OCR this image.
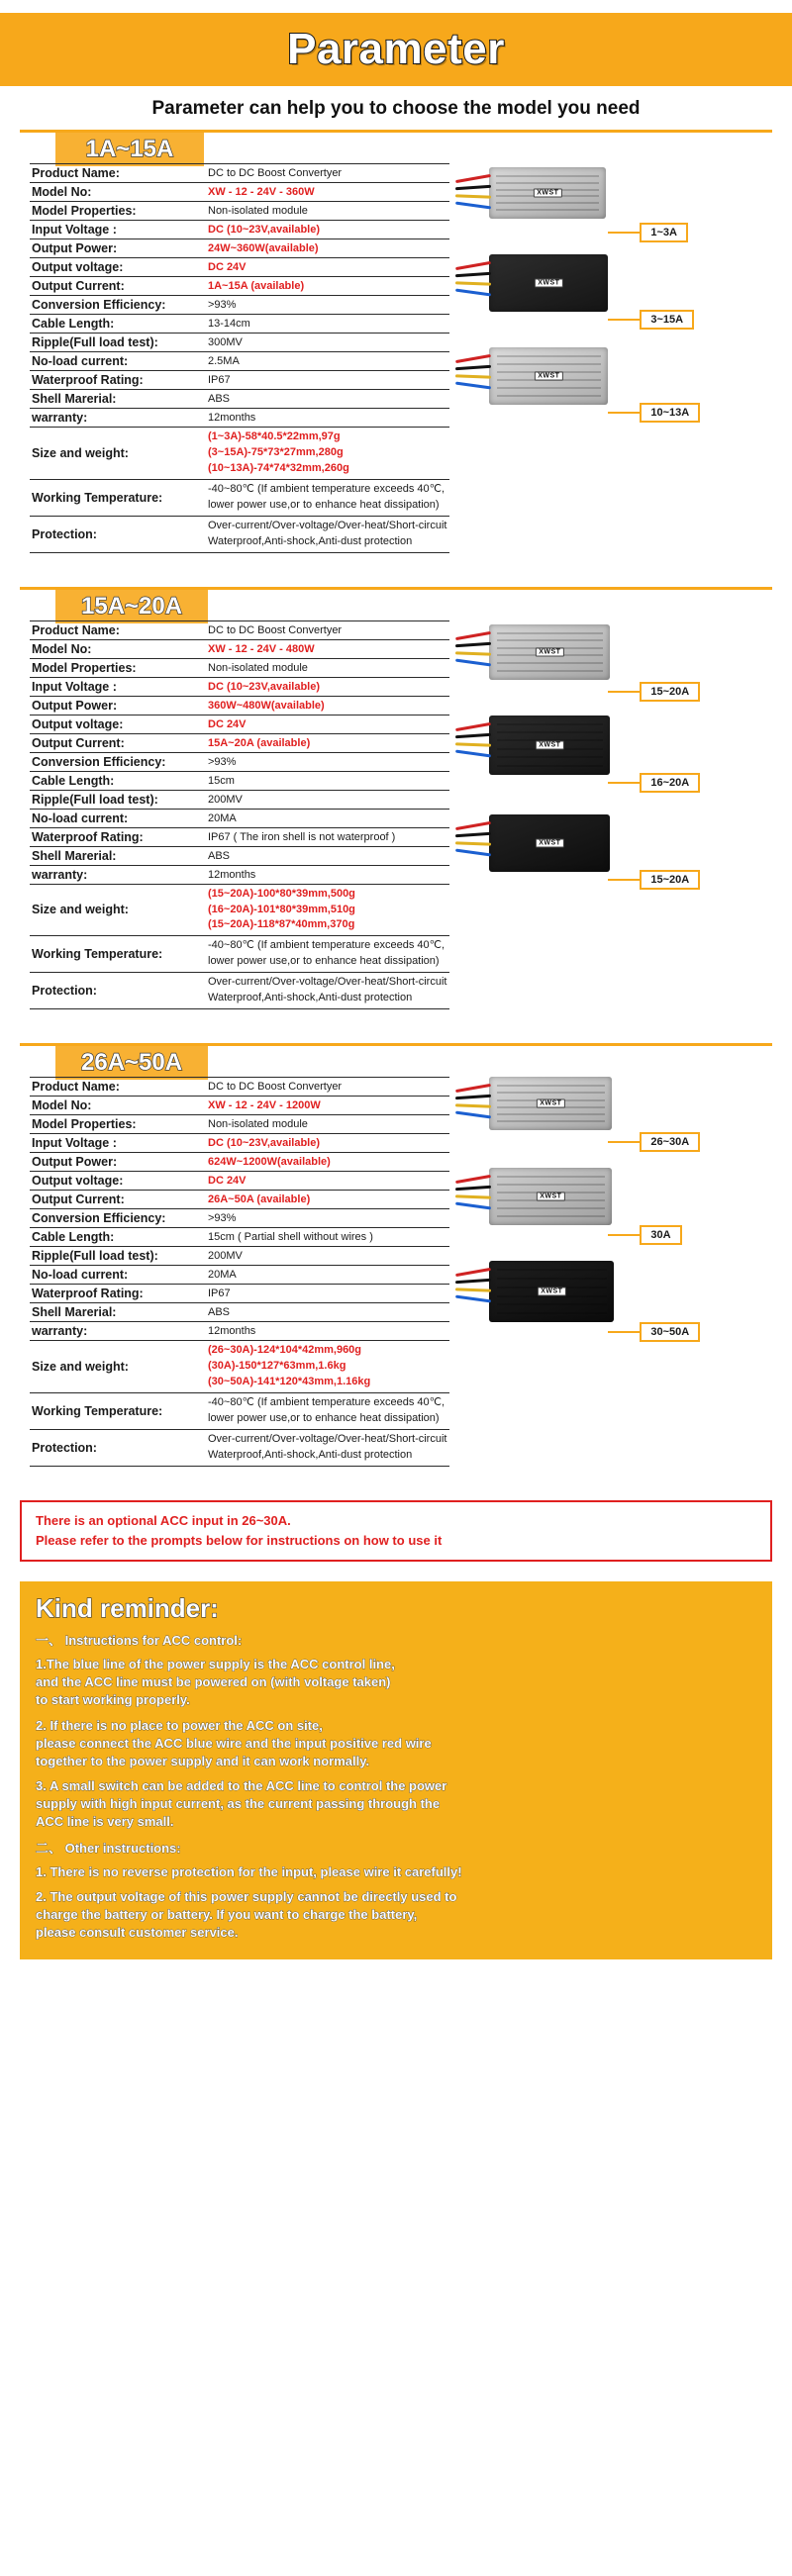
Parameter
Parameter can help you to choose the model you need
1A~15A
Product Name:	DC to DC Boost Convertyer
Model No:	XW - 12 - 24V - 360W
Model Properties:	Non-isolated module
Input Voltage :	DC (10~23V,available)
Output Power:	24W~360W(available)
Output voltage:	DC 24V
Output Current:	1A~15A (available)
Conversion Efficiency:	>93%
Cable Length:	13-14cm
Ripple(Full load test):	300MV
No-load current:	2.5MA
Waterproof Rating:	IP67
Shell Marerial:	ABS
warranty:	12months
Size and weight:	(1~3A)-58*40.5*22mm,97g
(3~15A)-75*73*27mm,280g
(10~13A)-74*74*32mm,260g

Working Temperature:	-40~80℃ (If ambient temperature exceeds 40℃,
lower power use,or to enhance heat dissipation)

Protection:	Over-current/Over-voltage/Over-heat/Short-circuit
Waterproof,Anti-shock,Anti-dust protection
XWST
1~3A
XWST
3~15A
XWST
10~13A
15A~20A
Product Name:	DC to DC Boost Convertyer
Model No:	XW - 12 - 24V - 480W
Model Properties:	Non-isolated module
Input Voltage :	DC (10~23V,available)
Output Power:	360W~480W(available)
Output voltage:	DC 24V
Output Current:	15A~20A (available)
Conversion Efficiency:	>93%
Cable Length:	15cm
Ripple(Full load test):	200MV
No-load current:	20MA
Waterproof Rating:	IP67 ( The iron shell is not waterproof )
Shell Marerial:	ABS
warranty:	12months
Size and weight:	(15~20A)-100*80*39mm,500g
(16~20A)-101*80*39mm,510g
(15~20A)-118*87*40mm,370g

Working Temperature:	-40~80℃ (If ambient temperature exceeds 40℃,
lower power use,or to enhance heat dissipation)

Protection:	Over-current/Over-voltage/Over-heat/Short-circuit
Waterproof,Anti-shock,Anti-dust protection
XWST
15~20A
XWST
16~20A
XWST
15~20A
26A~50A
Product Name:	DC to DC Boost Convertyer
Model No:	XW - 12 - 24V - 1200W
Model Properties:	Non-isolated module
Input Voltage :	DC (10~23V,available)
Output Power:	624W~1200W(available)
Output voltage:	DC 24V
Output Current:	26A~50A (available)
Conversion Efficiency:	>93%
Cable Length:	15cm ( Partial shell without wires )
Ripple(Full load test):	200MV
No-load current:	20MA
Waterproof Rating:	IP67
Shell Marerial:	ABS
warranty:	12months
Size and weight:	(26~30A)-124*104*42mm,960g
(30A)-150*127*63mm,1.6kg
(30~50A)-141*120*43mm,1.16kg

Working Temperature:	-40~80℃ (If ambient temperature exceeds 40℃,
lower power use,or to enhance heat dissipation)

Protection:	Over-current/Over-voltage/Over-heat/Short-circuit
Waterproof,Anti-shock,Anti-dust protection
XWST
26~30A
XWST
30A
XWST
30~50A
There is an optional ACC input in 26~30A.
Please refer to the prompts below for instructions on how to use it
Kind reminder:
一、 Instructions for ACC control:
1.The blue line of the power supply is the ACC control line,
and the ACC line must be powered on (with voltage taken)
to start working properly.
2. If there is no place to power the ACC on site,
please connect the ACC blue wire and the input positive red wire
together to the power supply and it can work normally.
3. A small switch can be added to the ACC line to control the power
supply with high input current, as the current passing through the
ACC line is very small.
二、 Other instructions:
1. There is no reverse protection for the input, please wire it carefully!
2. The output voltage of this power supply cannot be directly used to
charge the battery or battery. If you want to charge the battery,
please consult customer service.
